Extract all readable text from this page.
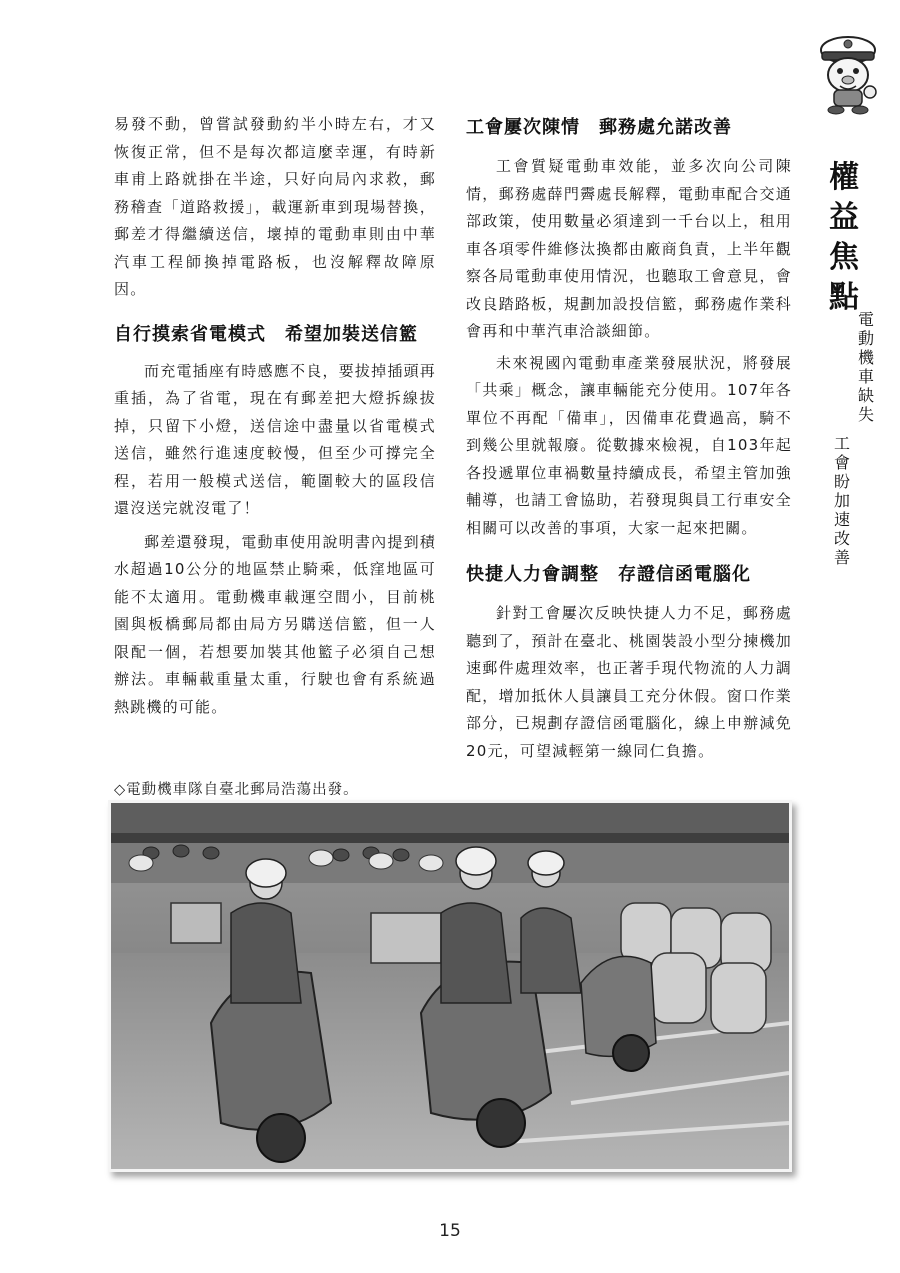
權
益
焦
點
電
動
機
車
缺
失
工
會
盼
加
速
改
善

易發不動，曾嘗試發動約半小時左右，才又恢復正常，但不是每次都這麼幸運，有時新車甫上路就掛在半途，只好向局內求救，郵務稽查「道路救援」，載運新車到現場替換，郵差才得繼續送信，壞掉的電動車則由中華汽車工程師換掉電路板，也沒解釋故障原因。

自行摸索省電模式　希望加裝送信籃

而充電插座有時感應不良，要拔掉插頭再重插，為了省電，現在有郵差把大燈拆線拔掉，只留下小燈，送信途中盡量以省電模式送信，雖然行進速度較慢，但至少可撐完全程，若用一般模式送信，範圍較大的區段信還沒送完就沒電了！

郵差還發現，電動車使用說明書內提到積水超過10公分的地區禁止騎乘，低窪地區可能不太適用。電動機車載運空間小，目前桃園與板橋郵局都由局方另購送信籃，但一人限配一個，若想要加裝其他籃子必須自己想辦法。車輛載重量太重，行駛也會有系統過熱跳機的可能。

工會屢次陳情　郵務處允諾改善

工會質疑電動車效能，並多次向公司陳情，郵務處薛門霽處長解釋，電動車配合交通部政策，使用數量必須達到一千台以上，租用車各項零件維修汰換都由廠商負責，上半年觀察各局電動車使用情況，也聽取工會意見，會改良踏路板，規劃加設投信籃，郵務處作業科會再和中華汽車洽談細節。

未來視國內電動車產業發展狀況，將發展「共乘」概念，讓車輛能充分使用。107年各單位不再配「備車」，因備車花費過高，騎不到幾公里就報廢。從數據來檢視，自103年起各投遞單位車禍數量持續成長，希望主管加強輔導，也請工會協助，若發現與員工行車安全相關可以改善的事項，大家一起來把關。

快捷人力會調整　存證信函電腦化

針對工會屢次反映快捷人力不足，郵務處聽到了，預計在臺北、桃園裝設小型分揀機加速郵件處理效率，也正著手現代物流的人力調配，增加抵休人員讓員工充分休假。窗口作業部分，已規劃存證信函電腦化，線上申辦減免20元，可望減輕第一線同仁負擔。

◇電動機車隊自臺北郵局浩蕩出發。
15
